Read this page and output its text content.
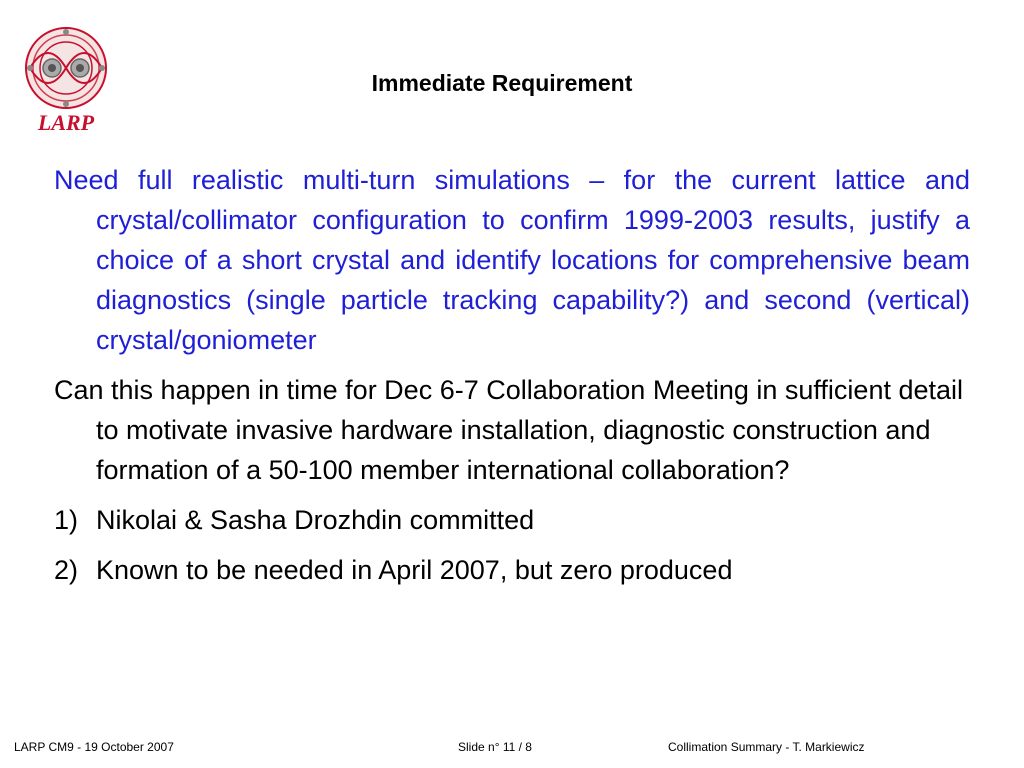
LARP
Immediate Requirement

Need full realistic multi-turn simulations – for the current lattice and crystal/collimator configuration to confirm 1999-2003 results, justify a choice of a short crystal and identify locations for comprehensive beam diagnostics (single particle tracking capability?) and second (vertical) crystal/goniometer

Can this happen in time for Dec 6-7 Collaboration Meeting in sufficient detail to motivate invasive hardware installation, diagnostic construction and formation of a 50-100 member international collaboration?

1) Nikolai & Sasha Drozhdin committed
2) Known to be needed in April 2007, but zero produced
LARP CM9 - 19 October 2007	Slide n° 11 / 8	Collimation Summary - T. Markiewicz
